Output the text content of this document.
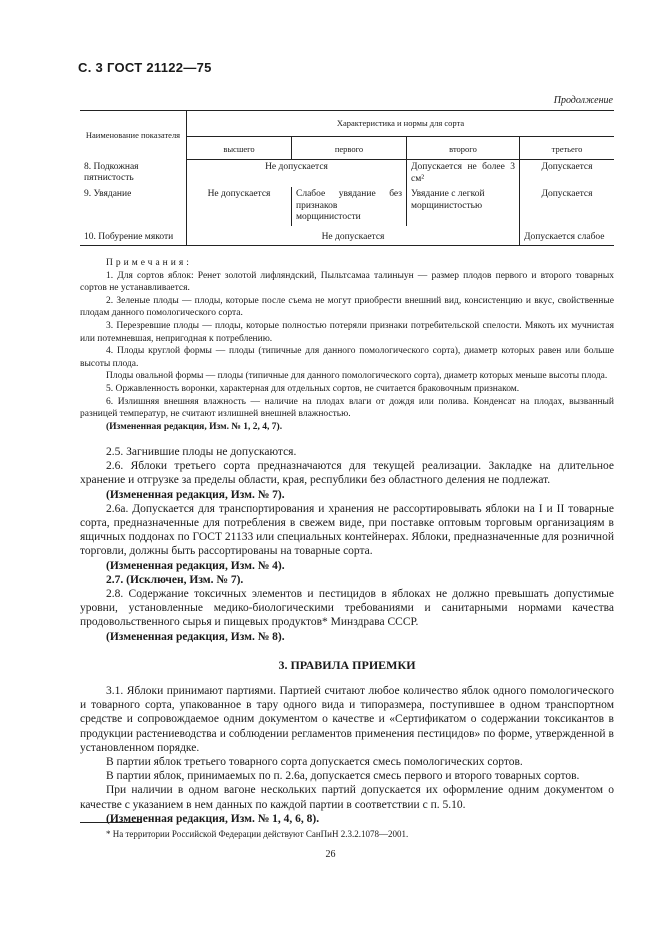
С. 3 ГОСТ 21122—75
Продолжение
Наименование показателя	Характеристика и нормы для сорта			
	высшего	первого	второго	третьего
8. Подкожная пятнистость	Не допускается		Допускается не более 3 см²	Допускается
9. Увядание	Не допускается	Слабое увядание без признаков морщинистости	Увядание с легкой морщинистостью	Допускается
10. Побурение мякоти	Не допускается			Допускается слабое

Примечания:

1. Для сортов яблок: Ренет золотой лифляндский, Пыльтсамаа талиныун — размер плодов первого и второго товарных сортов не устанавливается.

2. Зеленые плоды — плоды, которые после съема не могут приобрести внешний вид, консистенцию и вкус, свойственные плодам данного помологического сорта.

3. Перезревшие плоды — плоды, которые полностью потеряли признаки потребительской спелости. Мякоть их мучнистая или потемневшая, непригодная к потреблению.

4. Плоды круглой формы — плоды (типичные для данного помологического сорта), диаметр которых равен или больше высоты плода.

Плоды овальной формы — плоды (типичные для данного помологического сорта), диаметр которых меньше высоты плода.

5. Оржавленность воронки, характерная для отдельных сортов, не считается браковочным признаком.

6. Излишняя внешняя влажность — наличие на плодах влаги от дождя или полива. Конденсат на плодах, вызванный разницей температур, не считают излишней внешней влажностью.

(Измененная редакция, Изм. № 1, 2, 4, 7).

2.5. Загнившие плоды не допускаются.

2.6. Яблоки третьего сорта предназначаются для текущей реализации. Закладке на длительное хранение и отгрузке за пределы области, края, республики без областного деления не подлежат.

(Измененная редакция, Изм. № 7).

2.6а. Допускается для транспортирования и хранения не рассортировывать яблоки на I и II товарные сорта, предназначенные для потребления в свежем виде, при поставке оптовым торговым организациям в ящичных поддонах по ГОСТ 21133 или специальных контейнерах. Яблоки, предназначенные для розничной торговли, должны быть рассортированы на товарные сорта.

(Измененная редакция, Изм. № 4).

2.7. (Исключен, Изм. № 7).

2.8. Содержание токсичных элементов и пестицидов в яблоках не должно превышать допустимые уровни, установленные медико-биологическими требованиями и санитарными нормами качества продовольственного сырья и пищевых продуктов* Минздрава СССР.

(Измененная редакция, Изм. № 8).

3. ПРАВИЛА ПРИЕМКИ

3.1. Яблоки принимают партиями. Партией считают любое количество яблок одного помологического и товарного сорта, упакованное в тару одного вида и типоразмера, поступившее в одном транспортном средстве и сопровождаемое одним документом о качестве и «Сертификатом о содержании токсикантов в продукции растениеводства и соблюдении регламентов применения пестицидов» по форме, утвержденной в установленном порядке.

В партии яблок третьего товарного сорта допускается смесь помологических сортов.

В партии яблок, принимаемых по п. 2.6а, допускается смесь первого и второго товарных сортов.

При наличии в одном вагоне нескольких партий допускается их оформление одним документом о качестве с указанием в нем данных по каждой партии в соответствии с п. 5.10.

(Измененная редакция, Изм. № 1, 4, 6, 8).

* На территории Российской Федерации действуют СанПиН 2.3.2.1078—2001.
26
